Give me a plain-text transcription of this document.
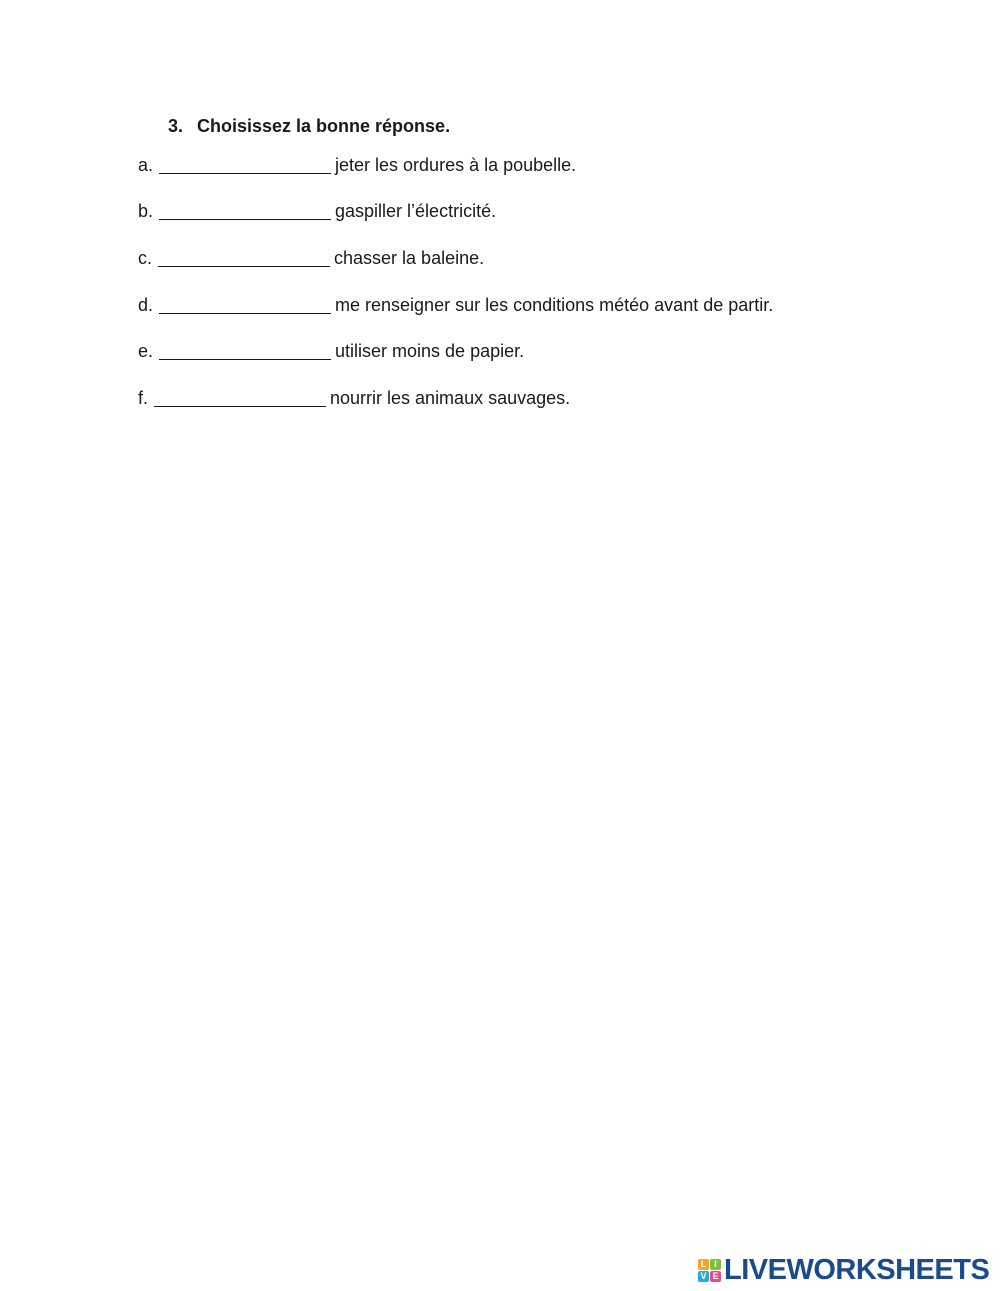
3. Choisissez la bonne réponse.
a.	jeter les ordures à la poubelle.
b.	gaspiller l’électricité.
c.	chasser la baleine.
d.	me renseigner sur les conditions météo avant de partir.
e.	utiliser moins de papier.
f.	nourrir les animaux sauvages.
L I
V E LIVEWORKSHEETS
